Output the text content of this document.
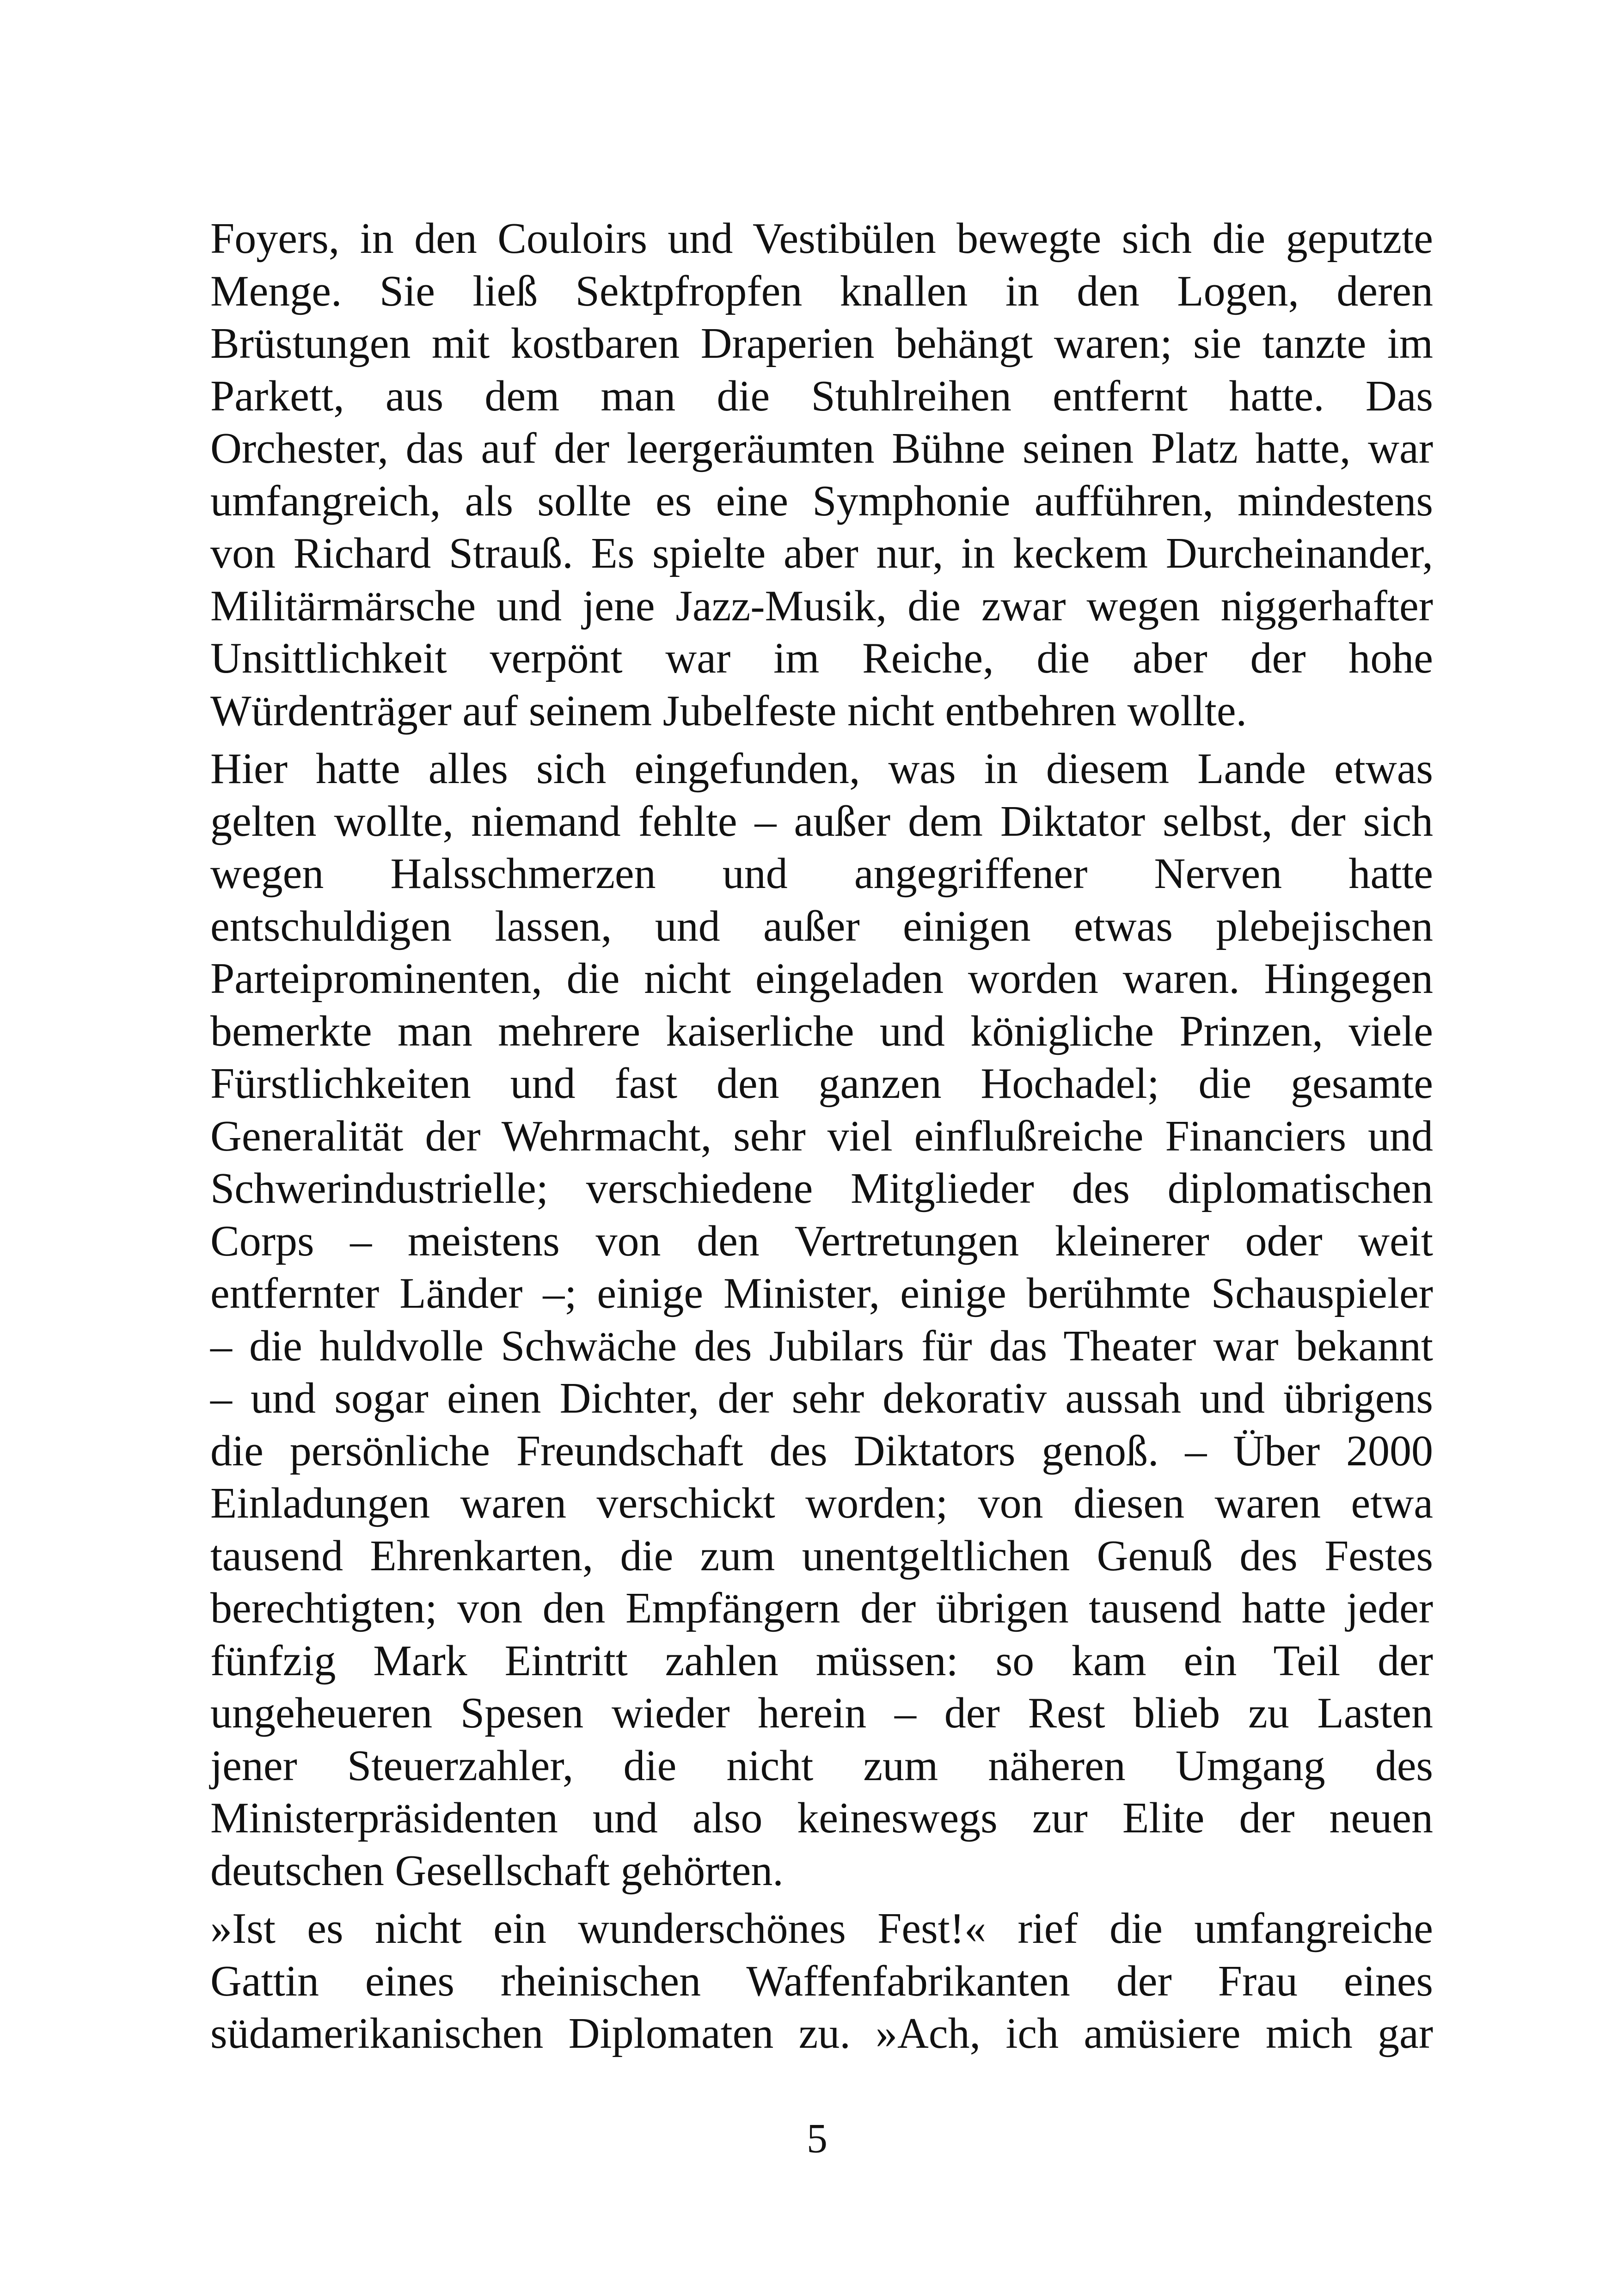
Foyers, in den Couloirs und Vestibülen bewegte sich die geputzte
Menge. Sie ließ Sektpfropfen knallen in den Logen, deren
Brüstungen mit kostbaren Draperien behängt waren; sie tanzte im
Parkett, aus dem man die Stuhlreihen entfernt hatte. Das
Orchester, das auf der leergeräumten Bühne seinen Platz hatte, war
umfangreich, als sollte es eine Symphonie aufführen, mindestens
von Richard Strauß. Es spielte aber nur, in keckem Durcheinander,
Militärmärsche und jene Jazz-Musik, die zwar wegen niggerhafter
Unsittlichkeit verpönt war im Reiche, die aber der hohe
Würdenträger auf seinem Jubelfeste nicht entbehren wollte.

Hier hatte alles sich eingefunden, was in diesem Lande etwas
gelten wollte, niemand fehlte – außer dem Diktator selbst, der sich
wegen Halsschmerzen und angegriffener Nerven hatte
entschuldigen lassen, und außer einigen etwas plebejischen
Parteiprominenten, die nicht eingeladen worden waren. Hingegen
bemerkte man mehrere kaiserliche und königliche Prinzen, viele
Fürstlichkeiten und fast den ganzen Hochadel; die gesamte
Generalität der Wehrmacht, sehr viel einflußreiche Financiers und
Schwerindustrielle; verschiedene Mitglieder des diplomatischen
Corps – meistens von den Vertretungen kleinerer oder weit
entfernter Länder –; einige Minister, einige berühmte Schauspieler
– die huldvolle Schwäche des Jubilars für das Theater war bekannt
– und sogar einen Dichter, der sehr dekorativ aussah und übrigens
die persönliche Freundschaft des Diktators genoß. – Über 2000
Einladungen waren verschickt worden; von diesen waren etwa
tausend Ehrenkarten, die zum unentgeltlichen Genuß des Festes
berechtigten; von den Empfängern der übrigen tausend hatte jeder
fünfzig Mark Eintritt zahlen müssen: so kam ein Teil der
ungeheueren Spesen wieder herein – der Rest blieb zu Lasten
jener Steuerzahler, die nicht zum näheren Umgang des
Ministerpräsidenten und also keineswegs zur Elite der neuen
deutschen Gesellschaft gehörten.

»Ist es nicht ein wunderschönes Fest!« rief die umfangreiche
Gattin eines rheinischen Waffenfabrikanten der Frau eines
südamerikanischen Diplomaten zu. »Ach, ich amüsiere mich gar

5
